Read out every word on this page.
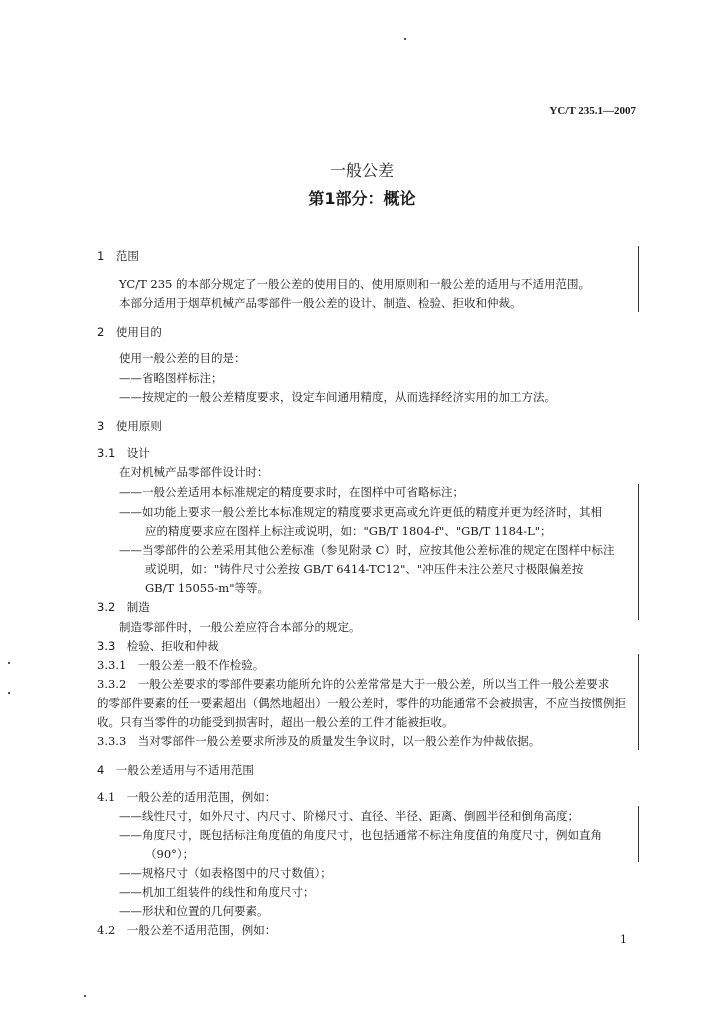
YC/T 235.1—2007
一般公差
第1部分：概论
1　范围
YC/T 235 的本部分规定了一般公差的使用目的、使用原则和一般公差的适用与不适用范围。
本部分适用于烟草机械产品零部件一般公差的设计、制造、检验、拒收和仲裁。
2　使用目的
使用一般公差的目的是：
——省略图样标注；
——按规定的一般公差精度要求，设定车间通用精度，从而选择经济实用的加工方法。
3　使用原则
3.1　设计
在对机械产品零部件设计时：
——一般公差适用本标准规定的精度要求时，在图样中可省略标注；
——如功能上要求一般公差比本标准规定的精度要求更高或允许更低的精度并更为经济时，其相
应的精度要求应在图样上标注或说明，如："GB/T 1804-f"、"GB/T 1184-L"；
——当零部件的公差采用其他公差标准（参见附录 C）时，应按其他公差标准的规定在图样中标注
或说明，如："铸件尺寸公差按 GB/T 6414-TC12"、"冲压件未注公差尺寸极限偏差按
GB/T 15055-m"等等。
3.2　制造
制造零部件时，一般公差应符合本部分的规定。
3.3　检验、拒收和仲裁
3.3.1　一般公差一般不作检验。
3.3.2　一般公差要求的零部件要素功能所允许的公差常常是大于一般公差，所以当工件一般公差要求
的零部件要素的任一要素超出（偶然地超出）一般公差时，零件的功能通常不会被损害，不应当按惯例拒
收。只有当零件的功能受到损害时，超出一般公差的工件才能被拒收。
3.3.3　当对零部件一般公差要求所涉及的质量发生争议时，以一般公差作为仲裁依据。
4　一般公差适用与不适用范围
4.1　一般公差的适用范围，例如：
——线性尺寸，如外尺寸、内尺寸、阶梯尺寸、直径、半径、距离、倒圆半径和倒角高度；
——角度尺寸，既包括标注角度值的角度尺寸，也包括通常不标注角度值的角度尺寸，例如直角
（90°）；
——规格尺寸（如表格图中的尺寸数值）；
——机加工组装件的线性和角度尺寸；
——形状和位置的几何要素。
4.2　一般公差不适用范围，例如：
1
